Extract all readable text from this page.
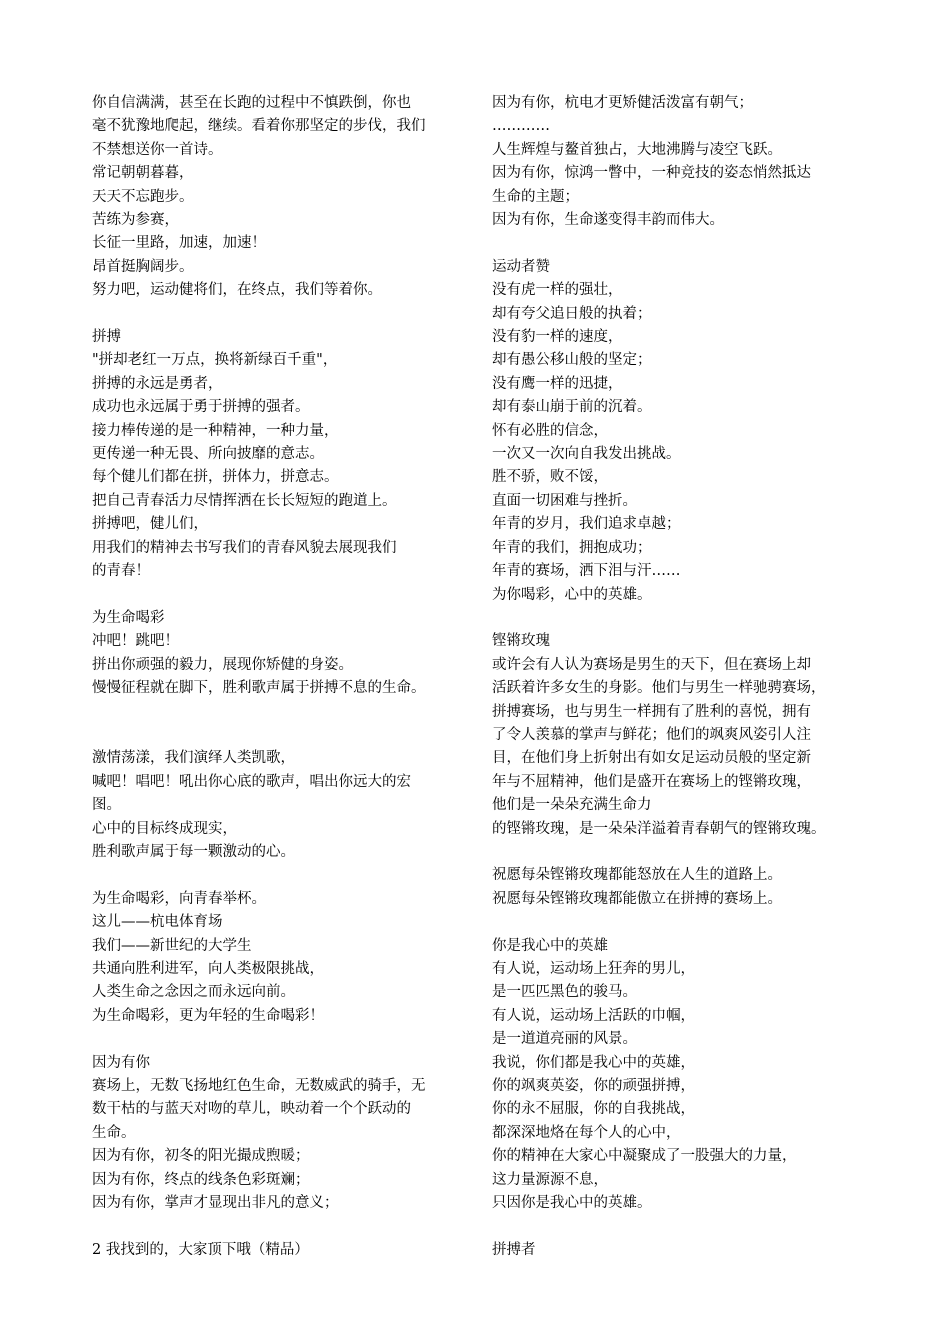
你自信满满，甚至在长跑的过程中不慎跌倒，你也
毫不犹豫地爬起，继续。看着你那坚定的步伐，我们
不禁想送你一首诗。
常记朝朝暮暮，
天天不忘跑步。
苦练为参赛，
长征一里路，加速，加速！
昂首挺胸阔步。
努力吧，运动健将们，在终点，我们等着你。
拼搏
"拼却老红一万点，换将新绿百千重"，
拼搏的永远是勇者，
成功也永远属于勇于拼搏的强者。
接力棒传递的是一种精神，一种力量，
更传递一种无畏、所向披靡的意志。
每个健儿们都在拼，拼体力，拼意志。
把自己青春活力尽情挥洒在长长短短的跑道上。
拼搏吧，健儿们，
用我们的精神去书写我们的青春风貌去展现我们
的青春！
为生命喝彩
冲吧！跳吧！
拼出你顽强的毅力，展现你矫健的身姿。
慢慢征程就在脚下，胜利歌声属于拼搏不息的生命。
激情荡漾，我们演绎人类凯歌，
喊吧！唱吧！吼出你心底的歌声，唱出你远大的宏
图。
心中的目标终成现实，
胜利歌声属于每一颗激动的心。
为生命喝彩，向青春举杯。
这儿——杭电体育场
我们——新世纪的大学生
共通向胜利进军，向人类极限挑战，
人类生命之念因之而永远向前。
为生命喝彩，更为年轻的生命喝彩！
因为有你
赛场上，无数飞扬地红色生命，无数威武的骑手，无
数干枯的与蓝天对吻的草儿，映动着一个个跃动的
生命。
因为有你，初冬的阳光撮成煦暖；
因为有你，终点的线条色彩斑斓；
因为有你，掌声才显现出非凡的意义；
2 我找到的，大家顶下哦（精品）
因为有你，杭电才更矫健活泼富有朝气；
…………
人生辉煌与鳌首独占，大地沸腾与凌空飞跃。
因为有你，惊鸿一瞥中，一种竞技的姿态悄然抵达
生命的主题；
因为有你，生命遂变得丰韵而伟大。
运动者赞
没有虎一样的强壮，
却有夸父追日般的执着；
没有豹一样的速度，
却有愚公移山般的坚定；
没有鹰一样的迅捷，
却有泰山崩于前的沉着。
怀有必胜的信念，
一次又一次向自我发出挑战。
胜不骄，败不馁，
直面一切困难与挫折。
年青的岁月，我们追求卓越；
年青的我们，拥抱成功；
年青的赛场，洒下泪与汗……
为你喝彩，心中的英雄。
铿锵玫瑰
或许会有人认为赛场是男生的天下，但在赛场上却
活跃着许多女生的身影。他们与男生一样驰骋赛场，
拼搏赛场，也与男生一样拥有了胜利的喜悦，拥有
了令人羡慕的掌声与鲜花；他们的飒爽风姿引人注
目，在他们身上折射出有如女足运动员般的坚定新
年与不屈精神，他们是盛开在赛场上的铿锵玫瑰，
他们是一朵朵充满生命力
的铿锵玫瑰，是一朵朵洋溢着青春朝气的铿锵玫瑰。
祝愿每朵铿锵玫瑰都能怒放在人生的道路上。
祝愿每朵铿锵玫瑰都能傲立在拼搏的赛场上。
你是我心中的英雄
有人说，运动场上狂奔的男儿，
是一匹匹黑色的骏马。
有人说，运动场上活跃的巾帼，
是一道道亮丽的风景。
我说，你们都是我心中的英雄，
你的飒爽英姿，你的顽强拼搏，
你的永不屈服，你的自我挑战，
都深深地烙在每个人的心中，
你的精神在大家心中凝聚成了一股强大的力量，
这力量源源不息，
只因你是我心中的英雄。
拼搏者
